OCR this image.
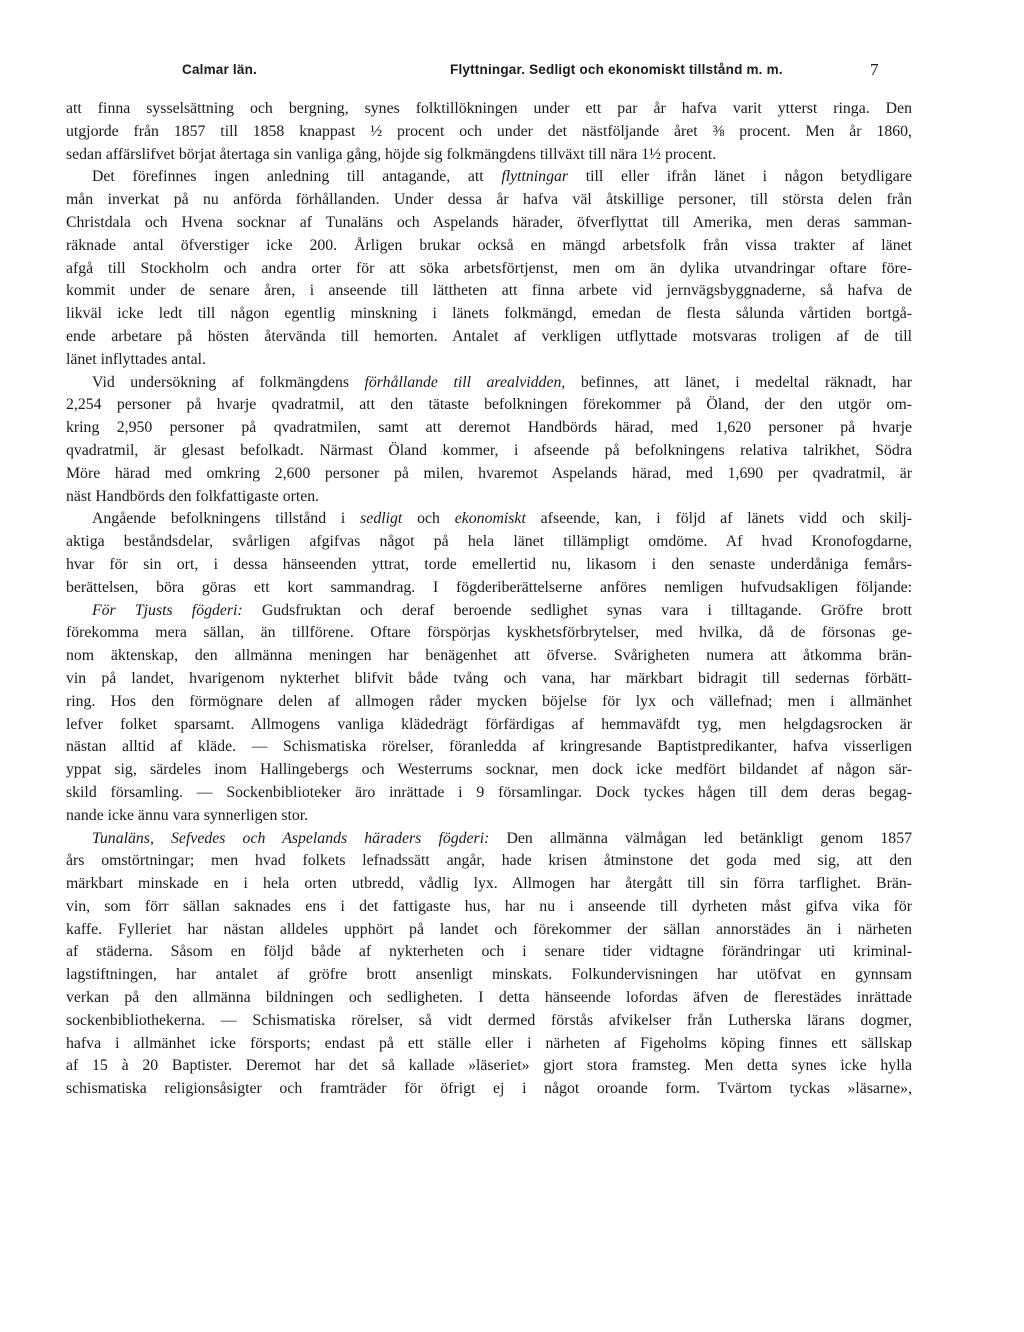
Calmar län.	Flyttningar. Sedligt och ekonomiskt tillstånd m. m.	7
att finna sysselsättning och bergning, synes folktillökningen under ett par år hafva varit ytterst ringa. Den
utgjorde från 1857 till 1858 knappast ½ procent och under det nästföljande året ⅜ procent. Men år 1860,
sedan affärslifvet börjat återtaga sin vanliga gång, höjde sig folkmängdens tillväxt till nära 1½ procent.
Det förefinnes ingen anledning till antagande, att flyttningar till eller ifrån länet i någon betydligare
mån inverkat på nu anförda förhållanden. Under dessa år hafva väl åtskillige personer, till största delen från
Christdala och Hvena socknar af Tunaläns och Aspelands härader, öfverflyttat till Amerika, men deras samman-
räknade antal öfverstiger icke 200. Årligen brukar också en mängd arbetsfolk från vissa trakter af länet
afgå till Stockholm och andra orter för att söka arbetsförtjenst, men om än dylika utvandringar oftare före-
kommit under de senare åren, i anseende till lättheten att finna arbete vid jernvägsbyggnaderne, så hafva de
likväl icke ledt till någon egentlig minskning i länets folkmängd, emedan de flesta sålunda vårtiden bortgå-
ende arbetare på hösten återvända till hemorten. Antalet af verkligen utflyttade motsvaras troligen af de till
länet inflyttades antal.
Vid undersökning af folkmängdens förhållande till arealvidden, befinnes, att länet, i medeltal räknadt, har
2,254 personer på hvarje qvadratmil, att den tätaste befolkningen förekommer på Öland, der den utgör om-
kring 2,950 personer på qvadratmilen, samt att deremot Handbörds härad, med 1,620 personer på hvarje
qvadratmil, är glesast befolkadt. Närmast Öland kommer, i afseende på befolkningens relativa talrikhet, Södra
Möre härad med omkring 2,600 personer på milen, hvaremot Aspelands härad, med 1,690 per qvadratmil, är
näst Handbörds den folkfattigaste orten.
Angående befolkningens tillstånd i sedligt och ekonomiskt afseende, kan, i följd af länets vidd och skilj-
aktiga beståndsdelar, svårligen afgifvas något på hela länet tillämpligt omdöme. Af hvad Kronofogdarne,
hvar för sin ort, i dessa hänseenden yttrat, torde emellertid nu, likasom i den senaste underdåniga femårs-
berättelsen, böra göras ett kort sammandrag. I fögderiberättelserne anföres nemligen hufvudsakligen följande:
För Tjusts fögderi: Gudsfruktan och deraf beroende sedlighet synas vara i tilltagande. Gröfre brott
förekomma mera sällan, än tillförene. Oftare förspörjas kyskhetsförbrytelser, med hvilka, då de försonas ge-
nom äktenskap, den allmänna meningen har benägenhet att öfverse. Svårigheten numera att åtkomma brän-
vin på landet, hvarigenom nykterhet blifvit både tvång och vana, har märkbart bidragit till sedernas förbätt-
ring. Hos den förmögnare delen af allmogen råder mycken böjelse för lyx och vällefnad; men i allmänhet
lefver folket sparsamt. Allmogens vanliga klädedrägt förfärdigas af hemmaväfdt tyg, men helgdagsrocken är
nästan alltid af kläde. — Schismatiska rörelser, föranledda af kringresande Baptistpredikanter, hafva visserligen
yppat sig, särdeles inom Hallingebergs och Westerrums socknar, men dock icke medfört bildandet af någon sär-
skild församling. — Sockenbiblioteker äro inrättade i 9 församlingar. Dock tyckes hågen till dem deras begag-
nande icke ännu vara synnerligen stor.
Tunaläns, Sefvedes och Aspelands häraders fögderi: Den allmänna välmågan led betänkligt genom 1857
års omstörtningar; men hvad folkets lefnadssätt angår, hade krisen åtminstone det goda med sig, att den
märkbart minskade en i hela orten utbredd, vådlig lyx. Allmogen har återgått till sin förra tarflighet. Brän-
vin, som förr sällan saknades ens i det fattigaste hus, har nu i anseende till dyrheten måst gifva vika för
kaffe. Fylleriet har nästan alldeles upphört på landet och förekommer der sällan annorstädes än i närheten
af städerna. Såsom en följd både af nykterheten och i senare tider vidtagne förändringar uti kriminal-
lagstiftningen, har antalet af gröfre brott ansenligt minskats. Folkundervisningen har utöfvat en gynnsam
verkan på den allmänna bildningen och sedligheten. I detta hänseende lofordas äfven de flerestädes inrättade
sockenbibliothekerna. — Schismatiska rörelser, så vidt dermed förstås afvikelser från Lutherska lärans dogmer,
hafva i allmänhet icke försports; endast på ett ställe eller i närheten af Figeholms köping finnes ett sällskap
af 15 à 20 Baptister. Deremot har det så kallade »läseriet» gjort stora framsteg. Men detta synes icke hylla
schismatiska religionsåsigter och framträder för öfrigt ej i något oroande form. Tvärtom tyckas »läsarne»,
